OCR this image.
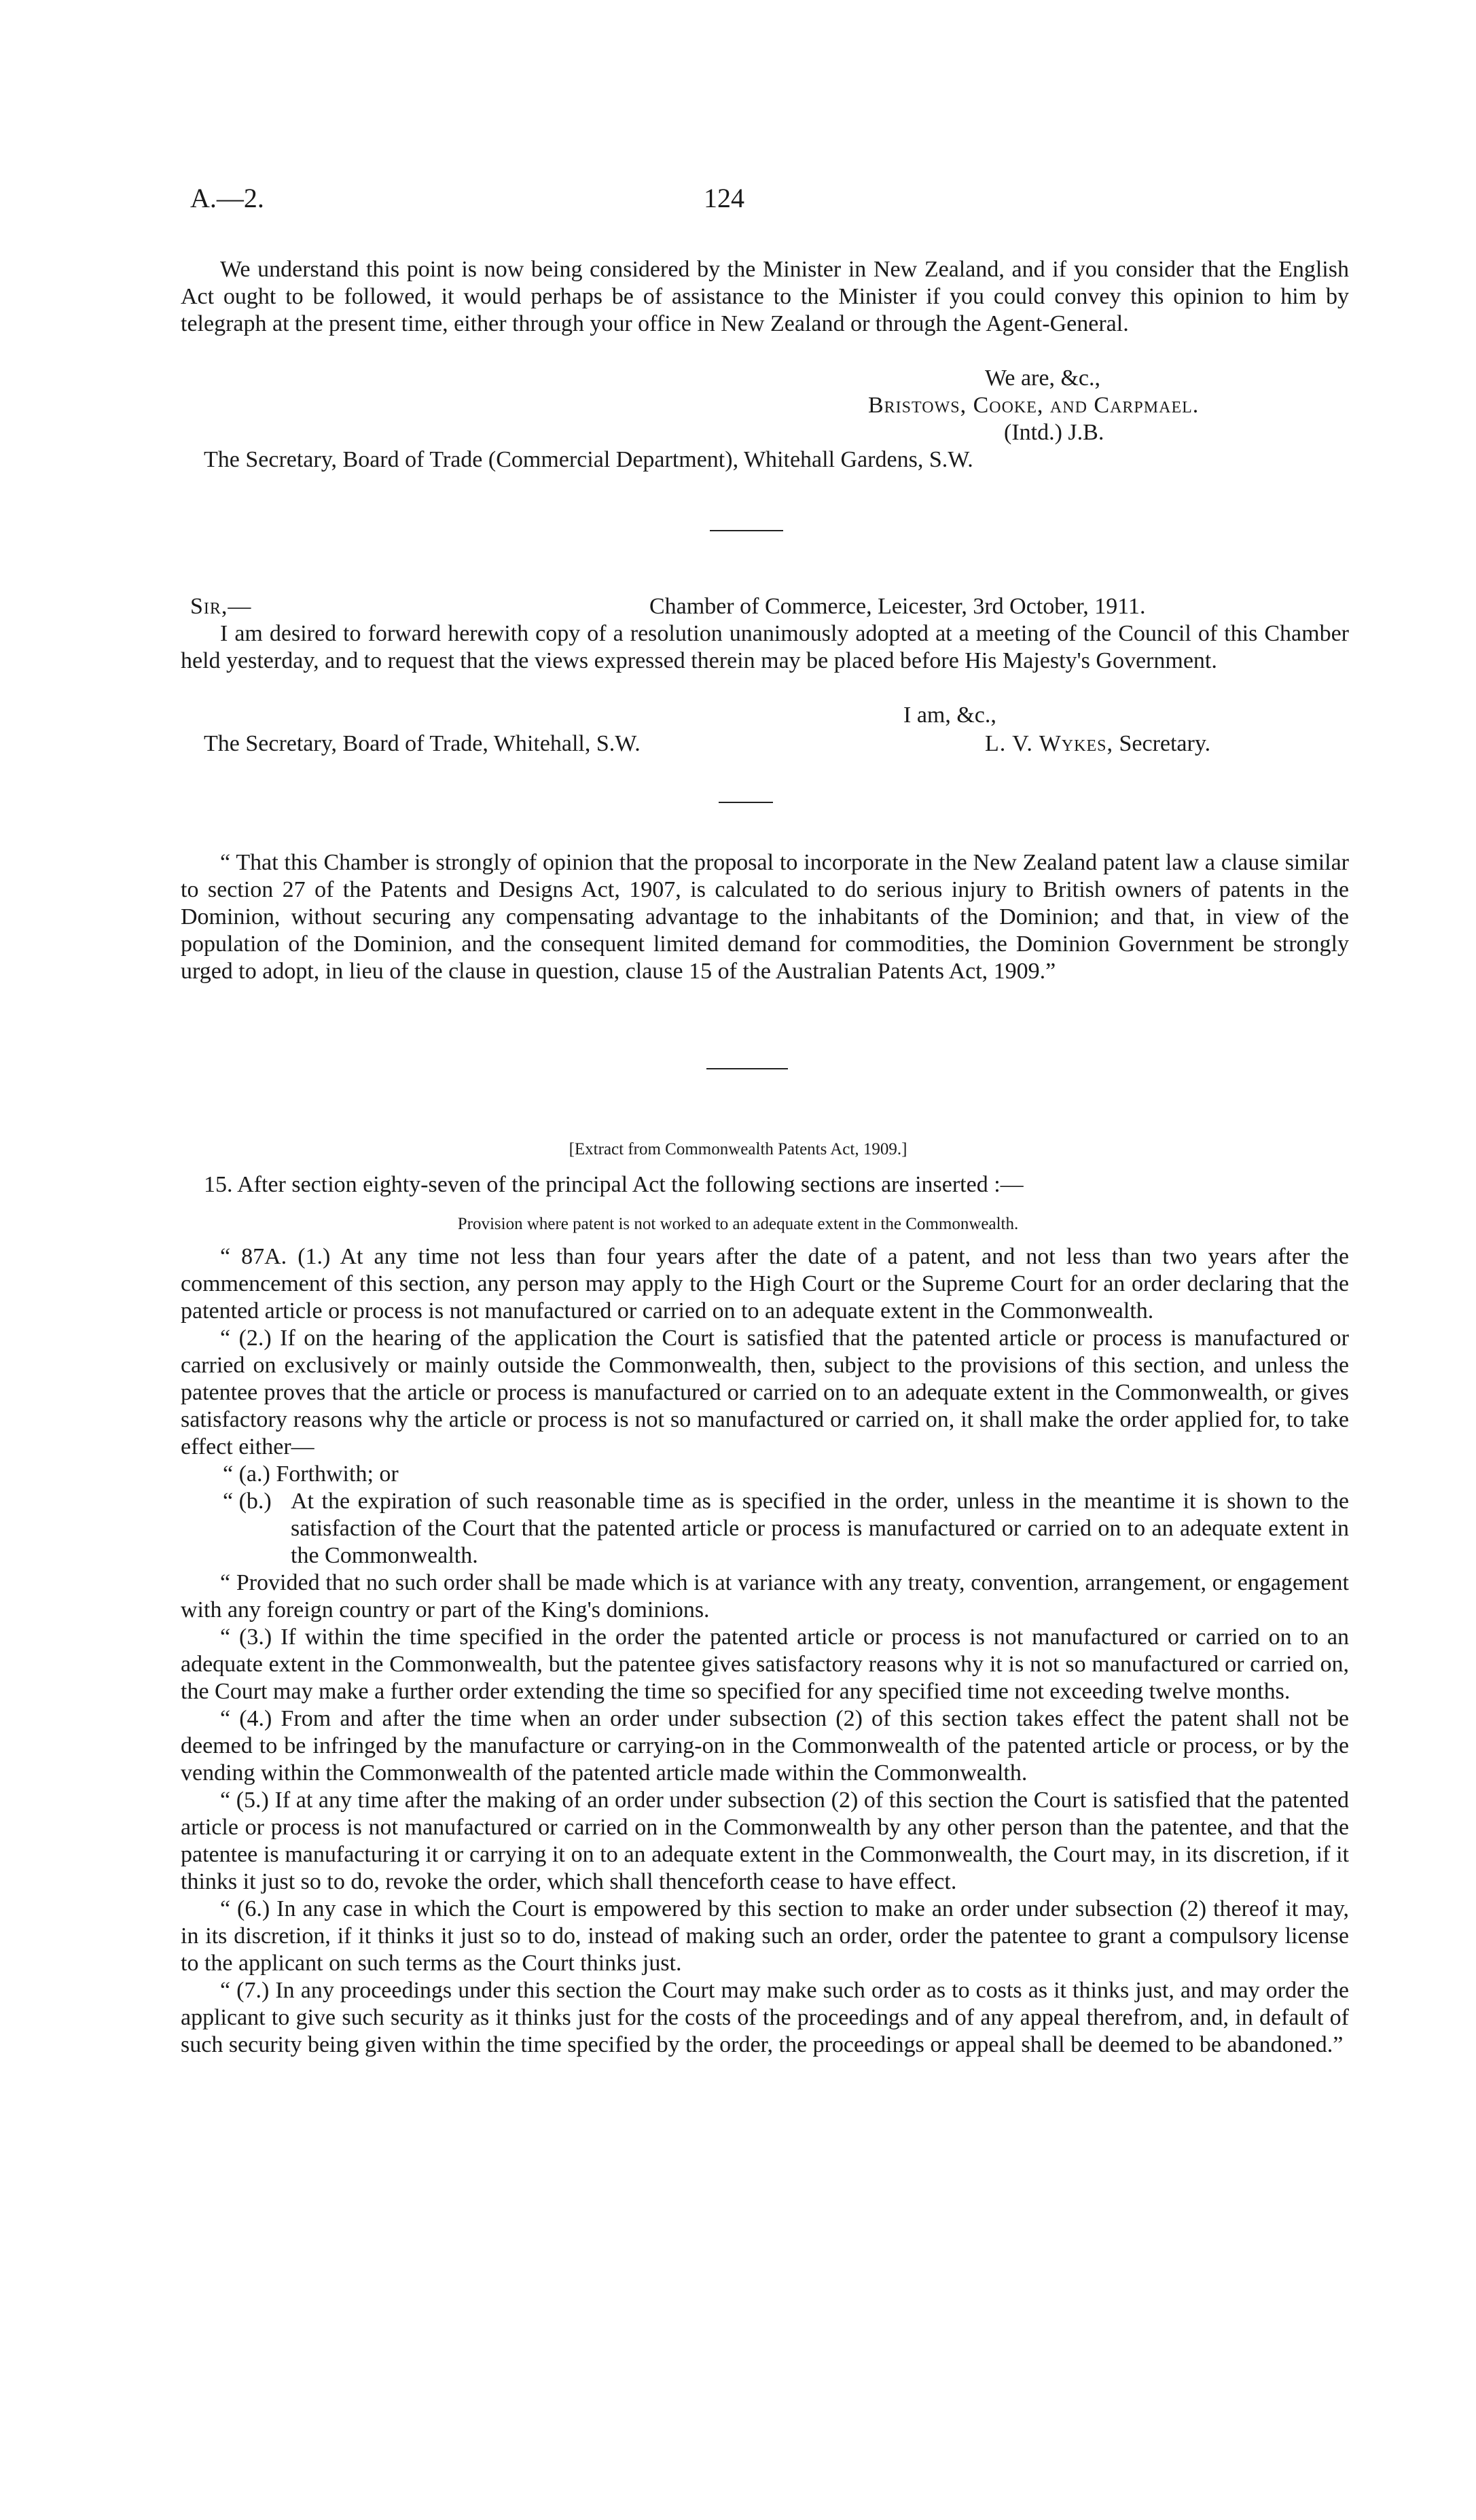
A.—2.	124

We understand this point is now being considered by the Minister in New Zealand, and if you consider that the English Act ought to be followed, it would perhaps be of assistance to the Minister if you could convey this opinion to him by telegraph at the present time, either through your office in New Zealand or through the Agent-General.

We are, &c.,
Bristows, Cooke, and Carpmael.
(Intd.) J.B.
The Secretary, Board of Trade (Commercial Department), Whitehall Gardens, S.W.
Sir,—	Chamber of Commerce, Leicester, 3rd October, 1911.

I am desired to forward herewith copy of a resolution unanimously adopted at a meeting of the Council of this Chamber held yesterday, and to request that the views expressed therein may be placed before His Majesty's Government.

I am, &c.,
The Secretary, Board of Trade, Whitehall, S.W.	L. V. Wykes, Secretary.

“ That this Chamber is strongly of opinion that the proposal to incorporate in the New Zealand patent law a clause similar to section 27 of the Patents and Designs Act, 1907, is calculated to do serious injury to British owners of patents in the Dominion, without securing any compensating advantage to the inhabitants of the Dominion; and that, in view of the population of the Dominion, and the consequent limited demand for commodities, the Dominion Government be strongly urged to adopt, in lieu of the clause in question, clause 15 of the Australian Patents Act, 1909.”

[Extract from Commonwealth Patents Act, 1909.]
15. After section eighty-seven of the principal Act the following sections are inserted :—
Provision where patent is not worked to an adequate extent in the Commonwealth.

“ 87A. (1.) At any time not less than four years after the date of a patent, and not less than two years after the commencement of this section, any person may apply to the High Court or the Supreme Court for an order declaring that the patented article or process is not manufactured or carried on to an adequate extent in the Commonwealth.

“ (2.) If on the hearing of the application the Court is satisfied that the patented article or process is manufactured or carried on exclusively or mainly outside the Commonwealth, then, subject to the provisions of this section, and unless the patentee proves that the article or process is manufactured or carried on to an adequate extent in the Commonwealth, or gives satisfactory reasons why the article or process is not so manufactured or carried on, it shall make the order applied for, to take effect either—

“ (a.) Forthwith; or
“ (b.) At the expiration of such reasonable time as is specified in the order, unless in the meantime it is shown to the satisfaction of the Court that the patented article or process is manufactured or carried on to an adequate extent in the Commonwealth.

“ Provided that no such order shall be made which is at variance with any treaty, convention, arrangement, or engagement with any foreign country or part of the King's dominions.

“ (3.) If within the time specified in the order the patented article or process is not manufactured or carried on to an adequate extent in the Commonwealth, but the patentee gives satisfactory reasons why it is not so manufactured or carried on, the Court may make a further order extending the time so specified for any specified time not exceeding twelve months.

“ (4.) From and after the time when an order under subsection (2) of this section takes effect the patent shall not be deemed to be infringed by the manufacture or carrying-on in the Commonwealth of the patented article or process, or by the vending within the Commonwealth of the patented article made within the Commonwealth.

“ (5.) If at any time after the making of an order under subsection (2) of this section the Court is satisfied that the patented article or process is not manufactured or carried on in the Commonwealth by any other person than the patentee, and that the patentee is manufacturing it or carrying it on to an adequate extent in the Commonwealth, the Court may, in its discretion, if it thinks it just so to do, revoke the order, which shall thenceforth cease to have effect.

“ (6.) In any case in which the Court is empowered by this section to make an order under subsection (2) thereof it may, in its discretion, if it thinks it just so to do, instead of making such an order, order the patentee to grant a compulsory license to the applicant on such terms as the Court thinks just.

“ (7.) In any proceedings under this section the Court may make such order as to costs as it thinks just, and may order the applicant to give such security as it thinks just for the costs of the proceedings and of any appeal therefrom, and, in default of such security being given within the time specified by the order, the proceedings or appeal shall be deemed to be abandoned.”
